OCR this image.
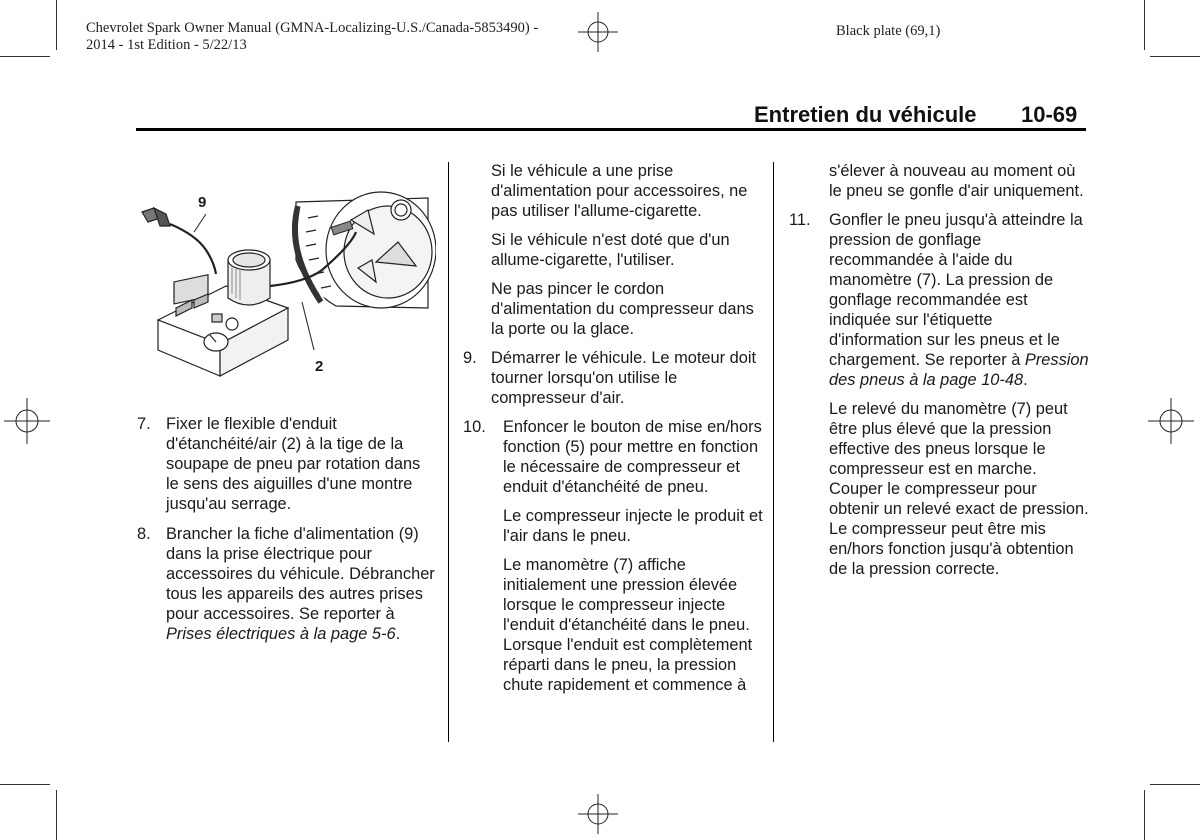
Chevrolet Spark Owner Manual (GMNA-Localizing-U.S./Canada-5853490) -
2014 - 1st Edition - 5/22/13
Black plate (69,1)
Entretien du véhicule 10-69
9
2
7. Fixer le flexible d'enduit d'étanchéité/air (2) à la tige de la soupape de pneu par rotation dans le sens des aiguilles d'une montre jusqu'au serrage.

8. Brancher la fiche d'alimentation (9) dans la prise électrique pour accessoires du véhicule. Débrancher tous les appareils des autres prises pour accessoires. Se reporter à Prises électriques à la page 5-6.

Si le véhicule a une prise d'alimentation pour accessoires, ne pas utiliser l'allume-cigarette.

Si le véhicule n'est doté que d'un allume-cigarette, l'utiliser.

Ne pas pincer le cordon d'alimentation du compresseur dans la porte ou la glace.

9. Démarrer le véhicule. Le moteur doit tourner lorsqu'on utilise le compresseur d'air.

10. Enfoncer le bouton de mise en/hors fonction (5) pour mettre en fonction le nécessaire de compresseur et enduit d'étanchéité de pneu.

Le compresseur injecte le produit et l'air dans le pneu.

Le manomètre (7) affiche initialement une pression élevée lorsque le compresseur injecte l'enduit d'étanchéité dans le pneu. Lorsque l'enduit est complètement réparti dans le pneu, la pression chute rapidement et commence à

s'élever à nouveau au moment où le pneu se gonfle d'air uniquement.

11. Gonfler le pneu jusqu'à atteindre la pression de gonflage recommandée à l'aide du manomètre (7). La pression de gonflage recommandée est indiquée sur l'étiquette d'information sur les pneus et le chargement. Se reporter à Pression des pneus à la page 10-48.

Le relevé du manomètre (7) peut être plus élevé que la pression effective des pneus lorsque le compresseur est en marche. Couper le compresseur pour obtenir un relevé exact de pression. Le compresseur peut être mis en/hors fonction jusqu'à obtention de la pression correcte.
